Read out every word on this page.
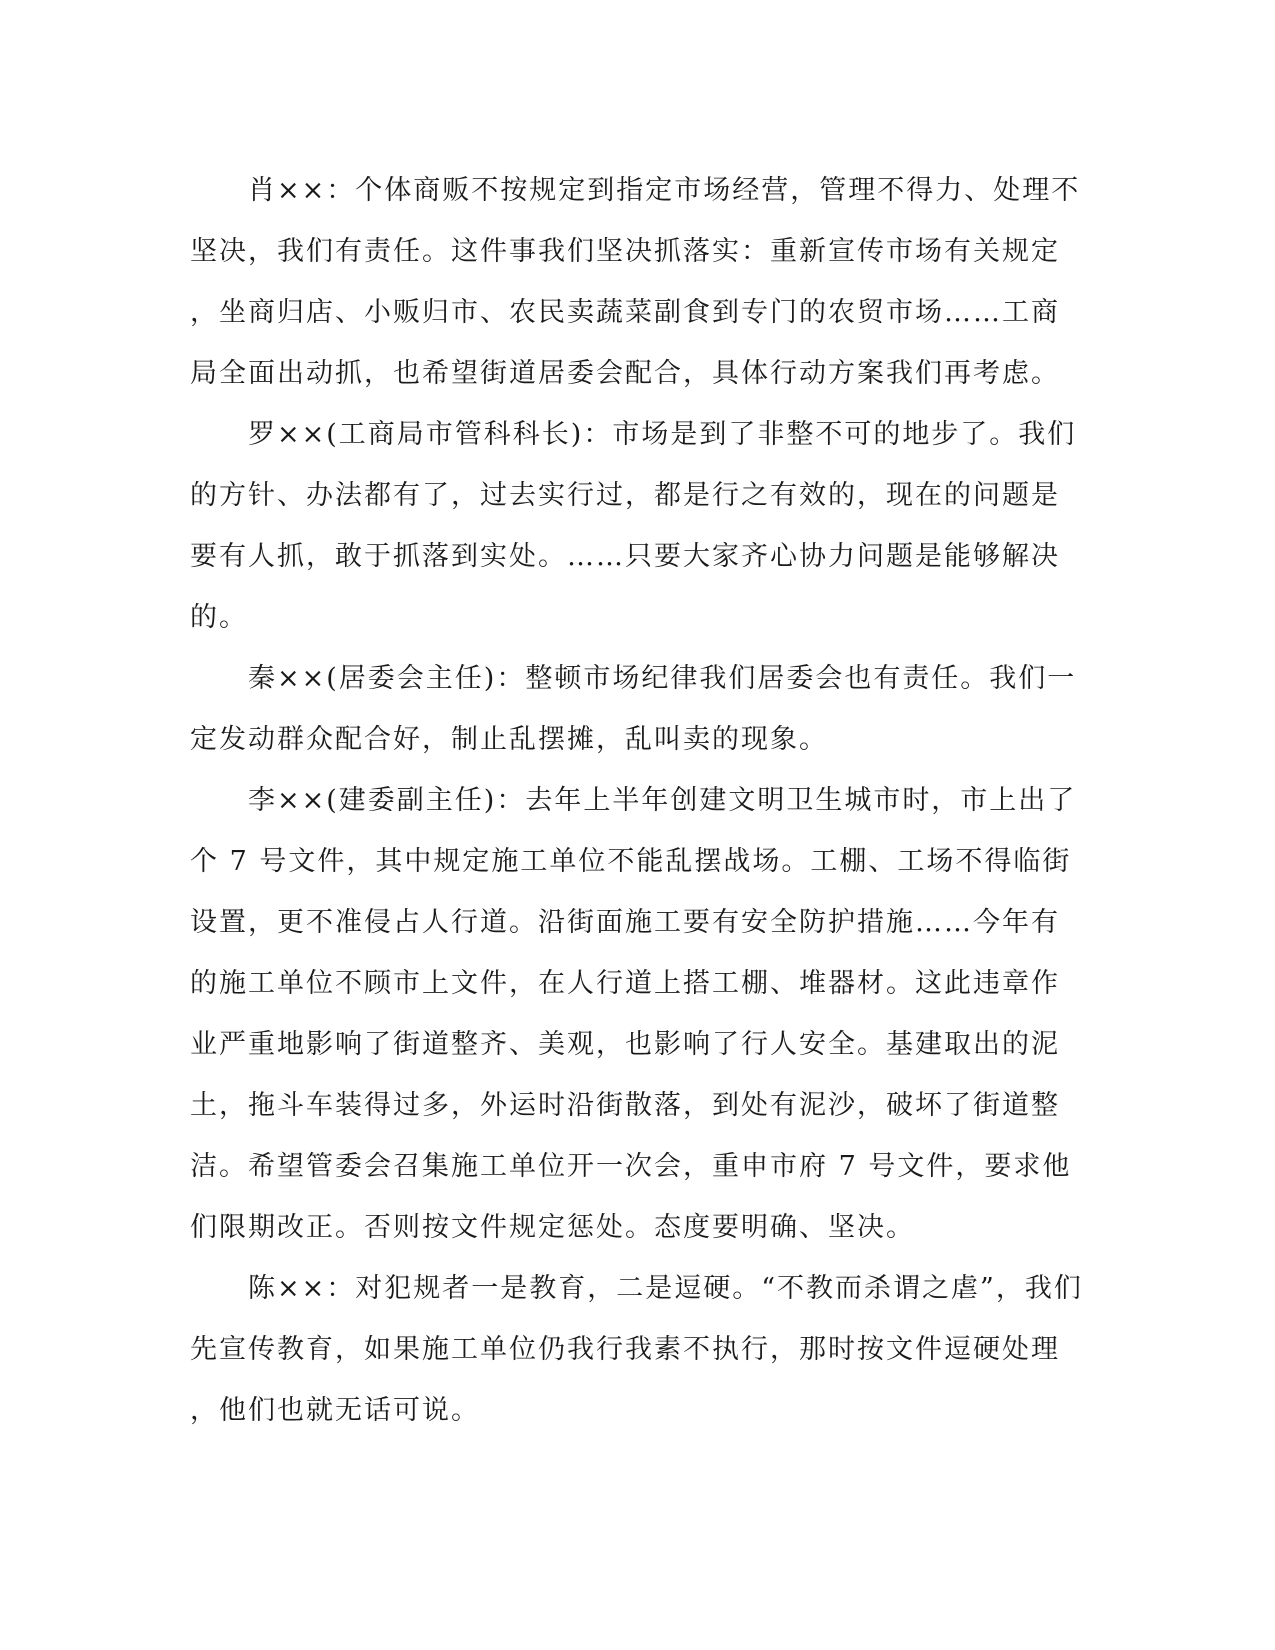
　　肖××：个体商贩不按规定到指定市场经营，管理不得力、处理不
坚决，我们有责任。这件事我们坚决抓落实：重新宣传市场有关规定
，坐商归店、小贩归市、农民卖蔬菜副食到专门的农贸市场……工商
局全面出动抓，也希望街道居委会配合，具体行动方案我们再考虑。
　　罗××(工商局市管科科长)：市场是到了非整不可的地步了。我们
的方针、办法都有了，过去实行过，都是行之有效的，现在的问题是
要有人抓，敢于抓落到实处。……只要大家齐心协力问题是能够解决
的。
　　秦××(居委会主任)：整顿市场纪律我们居委会也有责任。我们一
定发动群众配合好，制止乱摆摊，乱叫卖的现象。
　　李××(建委副主任)：去年上半年创建文明卫生城市时，市上出了
个 7 号文件，其中规定施工单位不能乱摆战场。工棚、工场不得临街
设置，更不准侵占人行道。沿街面施工要有安全防护措施……今年有
的施工单位不顾市上文件，在人行道上搭工棚、堆器材。这此违章作
业严重地影响了街道整齐、美观，也影响了行人安全。基建取出的泥
土，拖斗车装得过多，外运时沿街散落，到处有泥沙，破坏了街道整
洁。希望管委会召集施工单位开一次会，重申市府 7 号文件，要求他
们限期改正。否则按文件规定惩处。态度要明确、坚决。
　　陈××：对犯规者一是教育，二是逗硬。“不教而杀谓之虐”，我们
先宣传教育，如果施工单位仍我行我素不执行，那时按文件逗硬处理
，他们也就无话可说。
